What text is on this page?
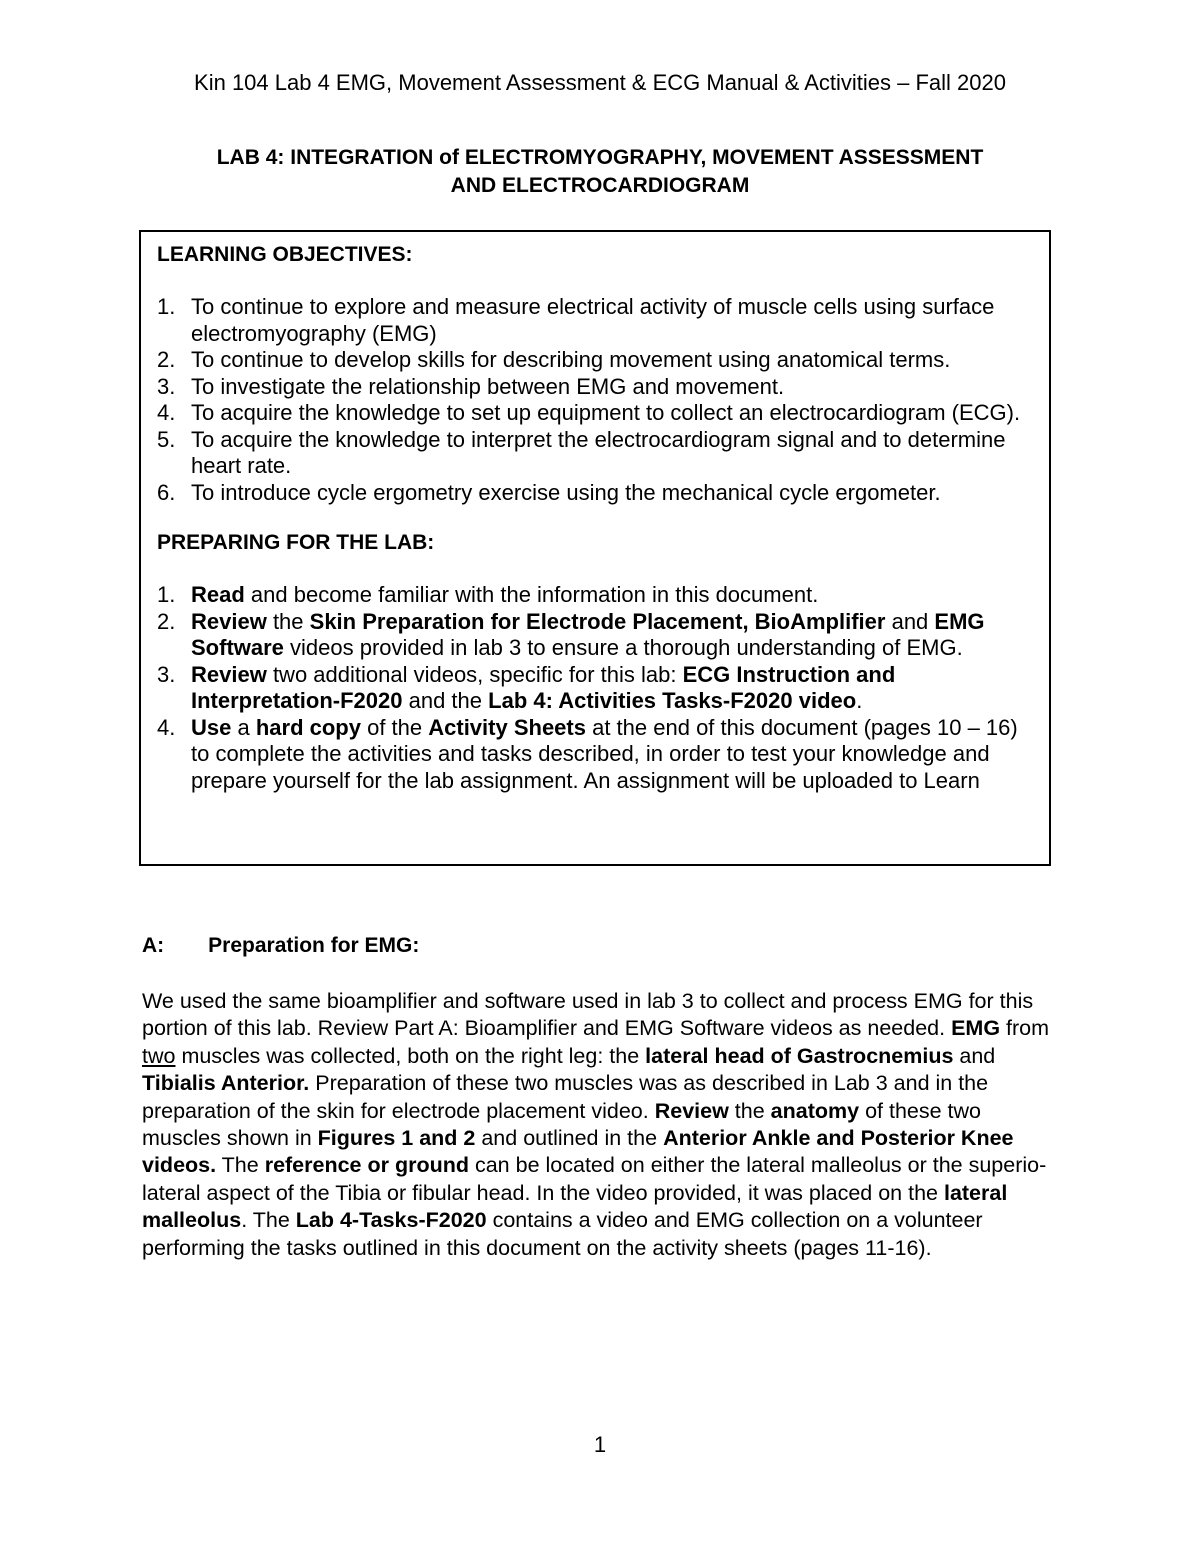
Kin 104 Lab 4 EMG, Movement Assessment & ECG Manual & Activities – Fall 2020
LAB 4: INTEGRATION of ELECTROMYOGRAPHY, MOVEMENT ASSESSMENT
AND ELECTROCARDIOGRAM

LEARNING OBJECTIVES:

1. To continue to explore and measure electrical activity of muscle cells using surface electromyography (EMG)
2. To continue to develop skills for describing movement using anatomical terms.
3. To investigate the relationship between EMG and movement.
4. To acquire the knowledge to set up equipment to collect an electrocardiogram (ECG).
5. To acquire the knowledge to interpret the electrocardiogram signal and to determine heart rate.
6. To introduce cycle ergometry exercise using the mechanical cycle ergometer.

PREPARING FOR THE LAB:

1. Read and become familiar with the information in this document.
2. Review the Skin Preparation for Electrode Placement, BioAmplifier and EMG Software videos provided in lab 3 to ensure a thorough understanding of EMG.
3. Review two additional videos, specific for this lab: ECG Instruction and Interpretation-F2020 and the Lab 4: Activities Tasks-F2020 video.
4. Use a hard copy of the Activity Sheets at the end of this document (pages 10 – 16) to complete the activities and tasks described, in order to test your knowledge and prepare yourself for the lab assignment. An assignment will be uploaded to Learn
A: Preparation for EMG:
We used the same bioamplifier and software used in lab 3 to collect and process EMG for this portion of this lab. Review Part A: Bioamplifier and EMG Software videos as needed. EMG from two muscles was collected, both on the right leg: the lateral head of Gastrocnemius and Tibialis Anterior. Preparation of these two muscles was as described in Lab 3 and in the preparation of the skin for electrode placement video. Review the anatomy of these two muscles shown in Figures 1 and 2 and outlined in the Anterior Ankle and Posterior Knee videos. The reference or ground can be located on either the lateral malleolus or the superio-lateral aspect of the Tibia or fibular head. In the video provided, it was placed on the lateral malleolus. The Lab 4-Tasks-F2020 contains a video and EMG collection on a volunteer performing the tasks outlined in this document on the activity sheets (pages 11-16).
1
